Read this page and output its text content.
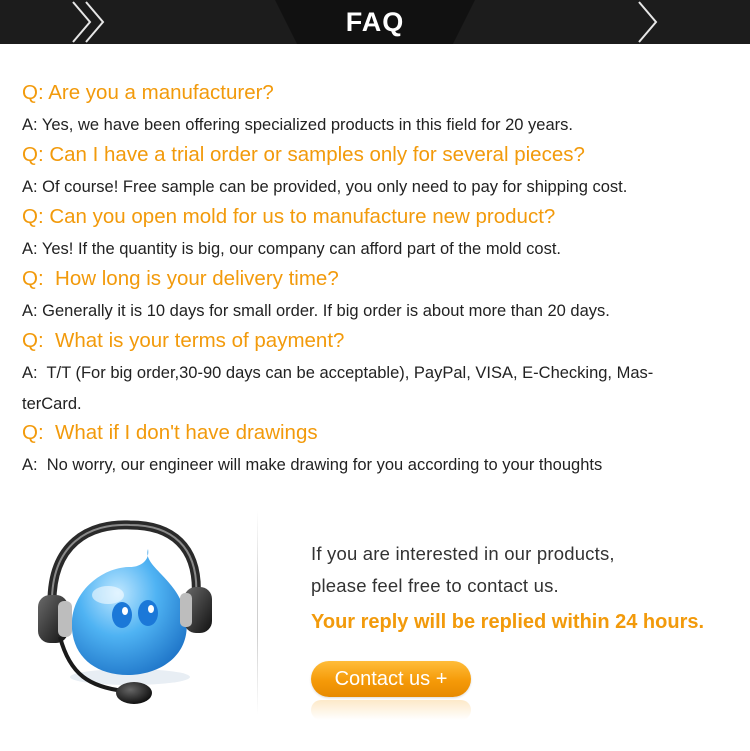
FAQ
Q: Are you a manufacturer?
A: Yes, we have been offering specialized products in this field for 20 years.
Q: Can I have a trial order or samples only for several pieces?
A: Of course! Free sample can be provided, you only need to pay for shipping cost.
Q: Can you open mold for us to manufacture new product?
A: Yes! If the quantity is big, our company can afford part of the mold cost.
Q:  How long is your delivery time?
A: Generally it is 10 days for small order. If big order is about more than 20 days.
Q:  What is your terms of payment?
A:  T/T (For big order,30-90 days can be acceptable), PayPal, VISA, E-Checking, Mas-
terCard.
Q:  What if I don't have drawings
A:  No worry, our engineer will make drawing for you according to your thoughts
If you are interested in our products,
please feel free to contact us.
Your reply will be replied within 24 hours.
Contact us +
